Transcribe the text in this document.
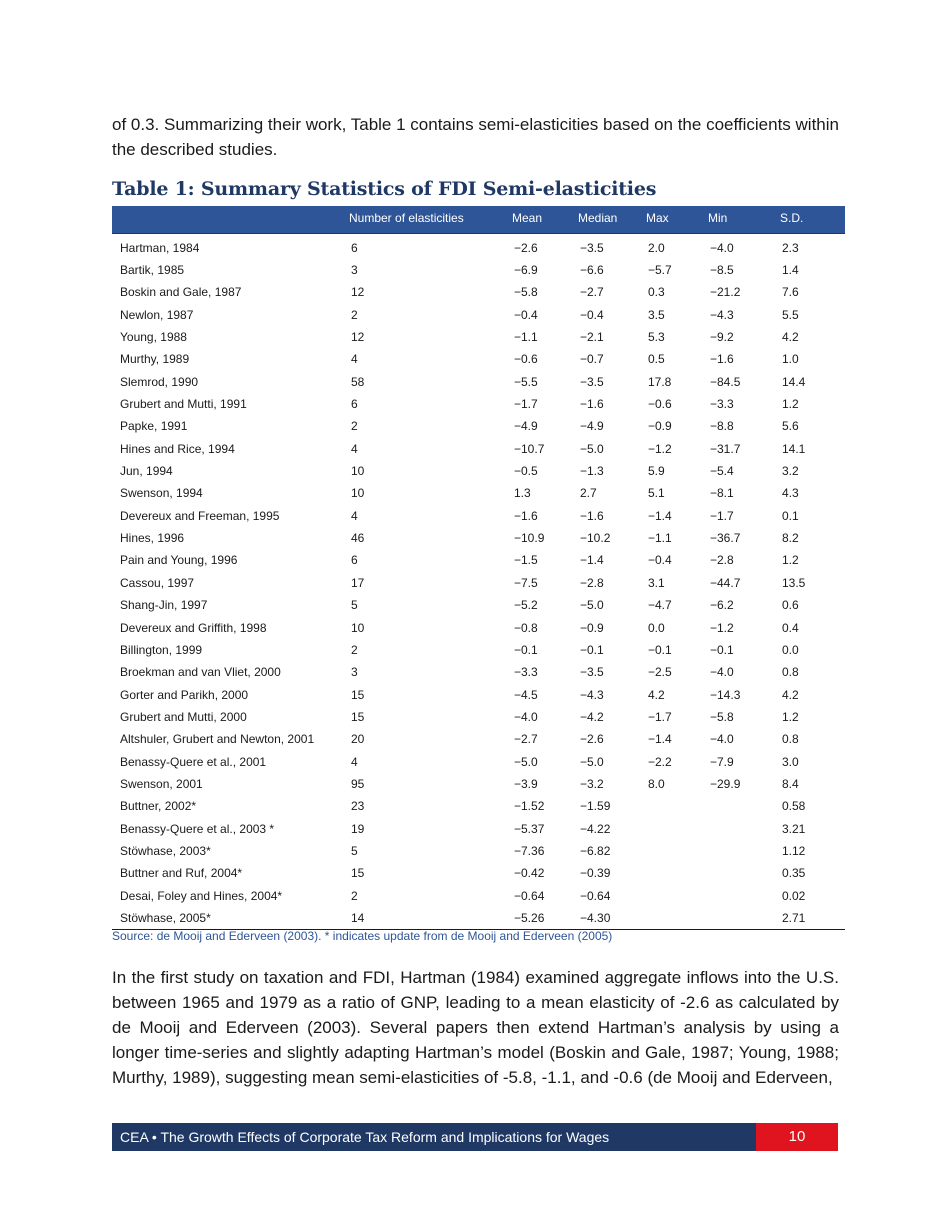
of 0.3. Summarizing their work, Table 1 contains semi-elasticities based on the coefficients within the described studies.

Table 1: Summary Statistics of FDI Semi-elasticities
	Number of elasticities	Mean	Median	Max	Min	S.D.
Hartman, 1984	6	−2.6	−3.5	2.0	−4.0	2.3
Bartik, 1985	3	−6.9	−6.6	−5.7	−8.5	1.4
Boskin and Gale, 1987	12	−5.8	−2.7	0.3	−21.2	7.6
Newlon, 1987	2	−0.4	−0.4	3.5	−4.3	5.5
Young, 1988	12	−1.1	−2.1	5.3	−9.2	4.2
Murthy, 1989	4	−0.6	−0.7	0.5	−1.6	1.0
Slemrod, 1990	58	−5.5	−3.5	17.8	−84.5	14.4
Grubert and Mutti, 1991	6	−1.7	−1.6	−0.6	−3.3	1.2
Papke, 1991	2	−4.9	−4.9	−0.9	−8.8	5.6
Hines and Rice, 1994	4	−10.7	−5.0	−1.2	−31.7	14.1
Jun, 1994	10	−0.5	−1.3	5.9	−5.4	3.2
Swenson, 1994	10	1.3	2.7	5.1	−8.1	4.3
Devereux and Freeman, 1995	4	−1.6	−1.6	−1.4	−1.7	0.1
Hines, 1996	46	−10.9	−10.2	−1.1	−36.7	8.2
Pain and Young, 1996	6	−1.5	−1.4	−0.4	−2.8	1.2
Cassou, 1997	17	−7.5	−2.8	3.1	−44.7	13.5
Shang-Jin, 1997	5	−5.2	−5.0	−4.7	−6.2	0.6
Devereux and Griffith, 1998	10	−0.8	−0.9	0.0	−1.2	0.4
Billington, 1999	2	−0.1	−0.1	−0.1	−0.1	0.0
Broekman and van Vliet, 2000	3	−3.3	−3.5	−2.5	−4.0	0.8
Gorter and Parikh, 2000	15	−4.5	−4.3	4.2	−14.3	4.2
Grubert and Mutti, 2000	15	−4.0	−4.2	−1.7	−5.8	1.2
Altshuler, Grubert and Newton, 2001	20	−2.7	−2.6	−1.4	−4.0	0.8
Benassy-Quere et al., 2001	4	−5.0	−5.0	−2.2	−7.9	3.0
Swenson, 2001	95	−3.9	−3.2	8.0	−29.9	8.4
Buttner, 2002*	23	−1.52	−1.59			0.58
Benassy-Quere et al., 2003 *	19	−5.37	−4.22			3.21
Stöwhase, 2003*	5	−7.36	−6.82			1.12
Buttner and Ruf, 2004*	15	−0.42	−0.39			0.35
Desai, Foley and Hines, 2004*	2	−0.64	−0.64			0.02
Stöwhase, 2005*	14	−5.26	−4.30			2.71

Source: de Mooij and Ederveen (2003). * indicates update from de Mooij and Ederveen (2005)

In the first study on taxation and FDI, Hartman (1984) examined aggregate inflows into the U.S. between 1965 and 1979 as a ratio of GNP, leading to a mean elasticity of -2.6 as calculated by de Mooij and Ederveen (2003). Several papers then extend Hartman’s analysis by using a longer time-series and slightly adapting Hartman’s model (Boskin and Gale, 1987; Young, 1988; Murthy, 1989), suggesting mean semi-elasticities of -5.8, -1.1, and -0.6 (de Mooij and Ederveen,

CEA • The Growth Effects of Corporate Tax Reform and Implications for Wages	10
